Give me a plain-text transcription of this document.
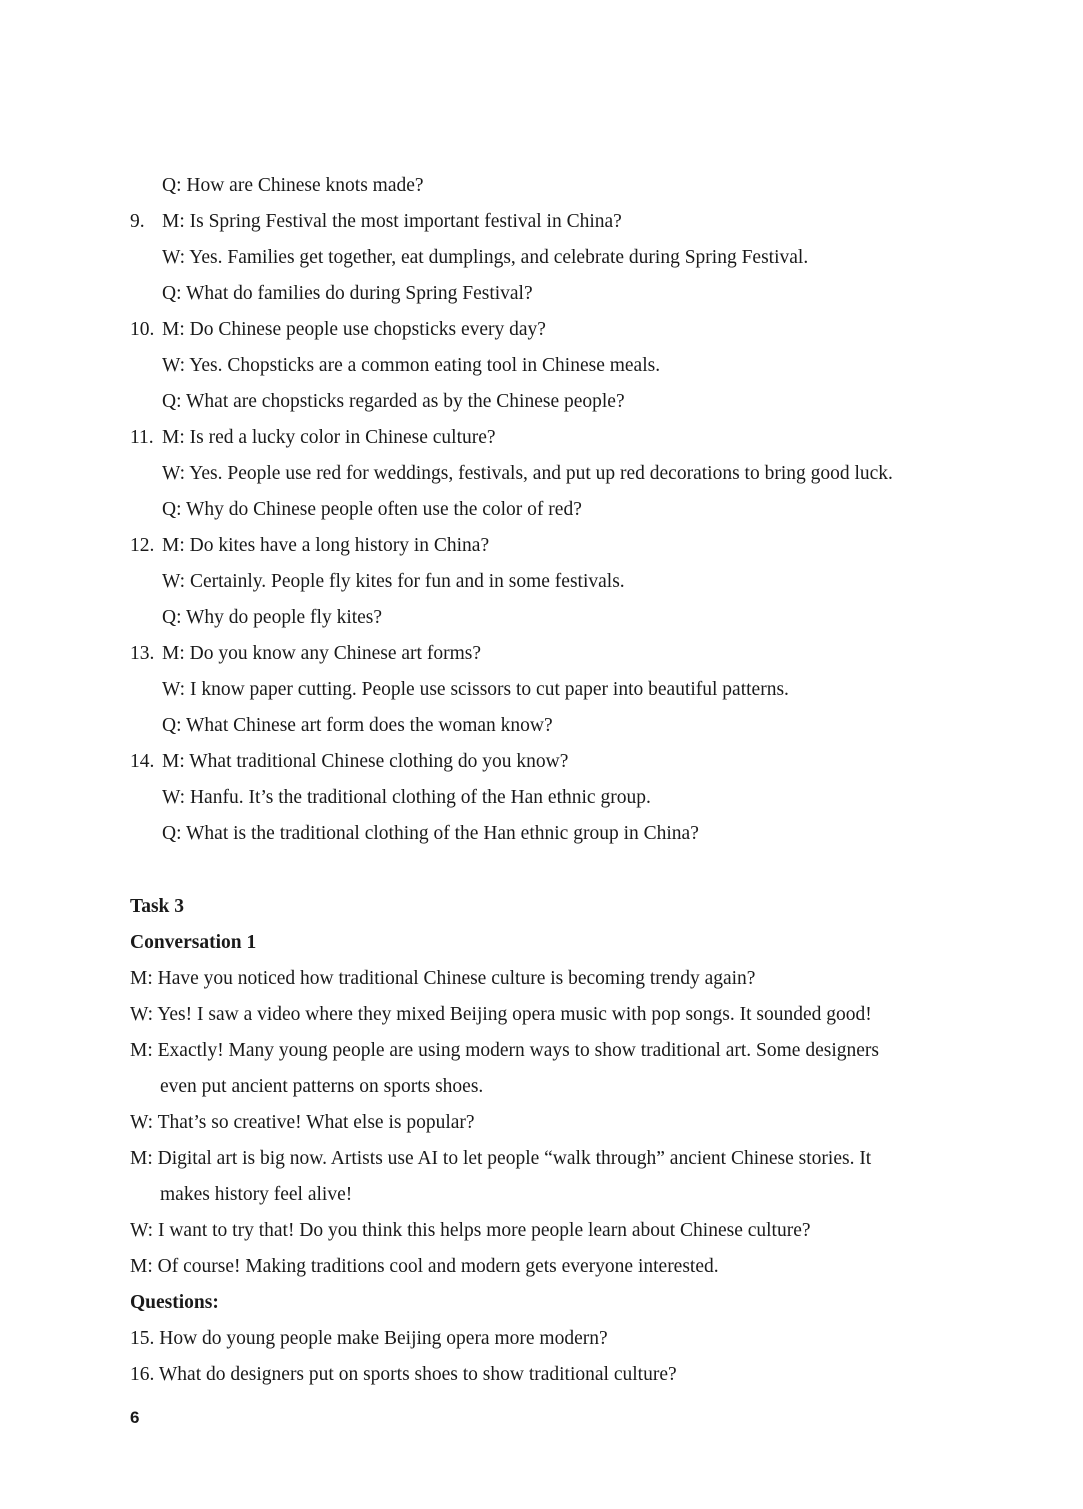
Q: How are Chinese knots made?
9. M: Is Spring Festival the most important festival in China?
W: Yes. Families get together, eat dumplings, and celebrate during Spring Festival.
Q: What do families do during Spring Festival?
10. M: Do Chinese people use chopsticks every day?
W: Yes. Chopsticks are a common eating tool in Chinese meals.
Q: What are chopsticks regarded as by the Chinese people?
11. M: Is red a lucky color in Chinese culture?
W: Yes. People use red for weddings, festivals, and put up red decorations to bring good luck.
Q: Why do Chinese people often use the color of red?
12. M: Do kites have a long history in China?
W: Certainly. People fly kites for fun and in some festivals.
Q: Why do people fly kites?
13. M: Do you know any Chinese art forms?
W: I know paper cutting. People use scissors to cut paper into beautiful patterns.
Q: What Chinese art form does the woman know?
14. M: What traditional Chinese clothing do you know?
W: Hanfu. It’s the traditional clothing of the Han ethnic group.
Q: What is the traditional clothing of the Han ethnic group in China?
Task 3
Conversation 1
M: Have you noticed how traditional Chinese culture is becoming trendy again?
W: Yes! I saw a video where they mixed Beijing opera music with pop songs. It sounded good!
M: Exactly! Many young people are using modern ways to show traditional art. Some designers
even put ancient patterns on sports shoes.
W: That’s so creative! What else is popular?
M: Digital art is big now. Artists use AI to let people “walk through” ancient Chinese stories. It
makes history feel alive!
W: I want to try that! Do you think this helps more people learn about Chinese culture?
M: Of course! Making traditions cool and modern gets everyone interested.
Questions:
15. How do young people make Beijing opera more modern?
16. What do designers put on sports shoes to show traditional culture?
6
